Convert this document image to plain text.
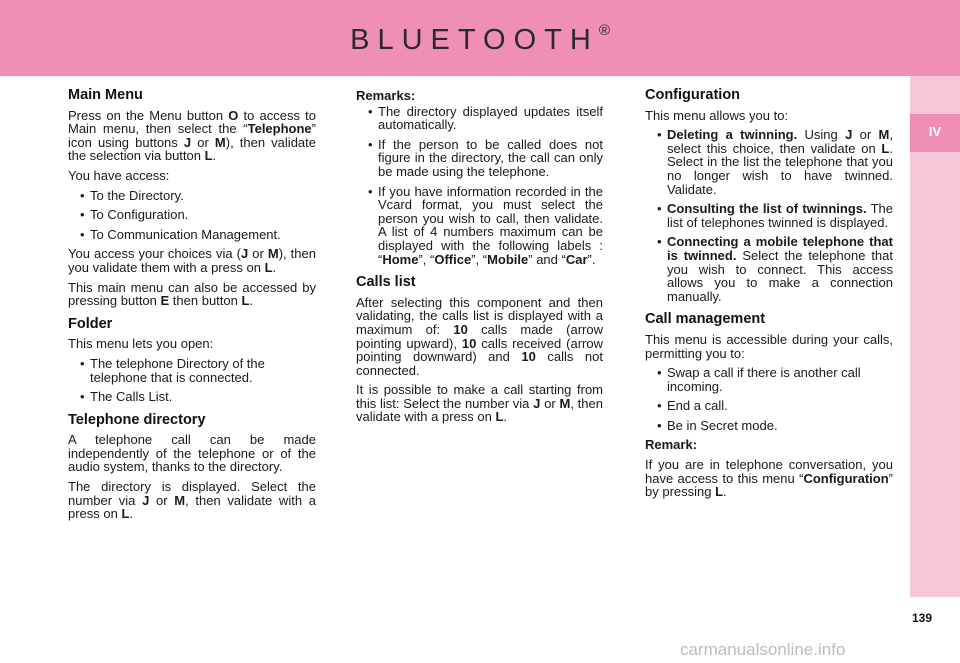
BLUETOOTH®
IV
Main Menu

Press on the Menu button O to access to Main menu, then select the “Telephone” icon using buttons J or M), then validate the selection via button L.

You have access:

• To the Directory.
• To Configuration.
• To Communication Management.

You access your choices via (J or M), then you validate them with a press on L.

This main menu can also be accessed by pressing button E then button L.

Folder

This menu lets you open:

• The telephone Directory of the telephone that is connected.
• The Calls List.
Telephone directory

A telephone call can be made independently of the telephone or of the audio system, thanks to the directory.

The directory is displayed. Select the number via J or M, then validate with a press on L.

Remarks:
• The directory displayed updates itself automatically.
• If the person to be called does not figure in the directory, the call can only be made using the telephone.
• If you have information recorded in the Vcard format, you must select the person you wish to call, then validate. A list of 4 numbers maximum can be displayed with the following labels : “Home”, “Office”, “Mobile” and “Car”.
Calls list

After selecting this component and then validating, the calls list is displayed with a maximum of: 10 calls made (arrow pointing upward), 10 calls received (arrow pointing downward) and 10 calls not connected.

It is possible to make a call starting from this list: Select the number via J or M, then validate with a press on L.

Configuration

This menu allows you to:

• Deleting a twinning. Using J or M, select this choice, then validate on L. Select in the list the telephone that you no longer wish to have twinned. Validate.
• Consulting the list of twinnings. The list of telephones twinned is displayed.
• Connecting a mobile telephone that is twinned. Select the telephone that you wish to connect. This access allows you to make a connection manually.
Call management

This menu is accessible during your calls, permitting you to:

• Swap a call if there is another call incoming.
• End a call.
• Be in Secret mode.
Remark:

If you are in telephone conversation, you have access to this menu “Configuration” by pressing L.

139
carmanualsonline.info
